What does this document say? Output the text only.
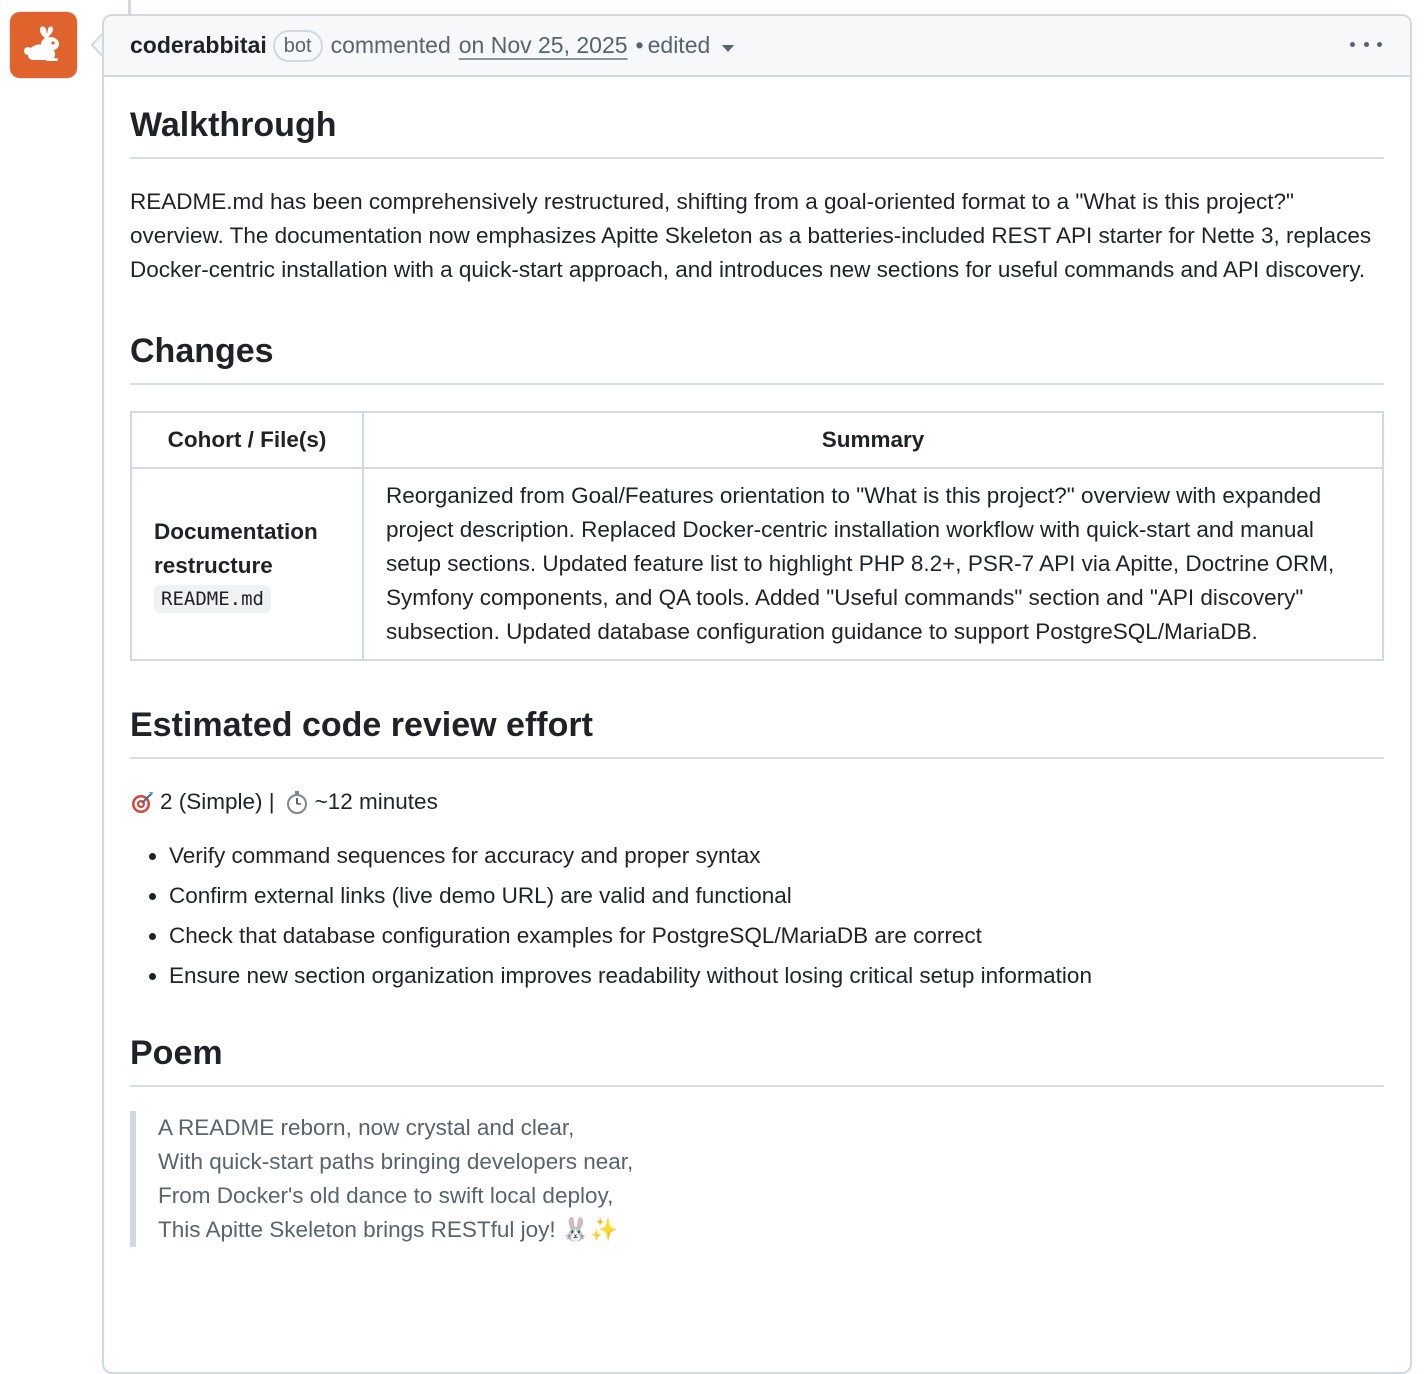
coderabbitai bot commented on Nov 25, 2025 • edited
Walkthrough

README.md has been comprehensively restructured, shifting from a goal-oriented format to a "What is this project?" overview. The documentation now emphasizes Apitte Skeleton as a batteries-included REST API starter for Nette 3, replaces Docker-centric installation with a quick-start approach, and introduces new sections for useful commands and API discovery.

Changes
Cohort / File(s)	Summary

Documentation restructure
README.md	Reorganized from Goal/Features orientation to "What is this project?" overview with expanded project description. Replaced Docker-centric installation workflow with quick-start and manual setup sections. Updated feature list to highlight PHP 8.2+, PSR-7 API via Apitte, Doctrine ORM, Symfony components, and QA tools. Added "Useful commands" section and "API discovery" subsection. Updated database configuration guidance to support PostgreSQL/MariaDB.
Estimated code review effort
2 (Simple) | ~12 minutes
• Verify command sequences for accuracy and proper syntax
• Confirm external links (live demo URL) are valid and functional
• Check that database configuration examples for PostgreSQL/MariaDB are correct
• Ensure new section organization improves readability without losing critical setup information
Poem

A README reborn, now crystal and clear,

With quick-start paths bringing developers near,

From Docker's old dance to swift local deploy,

This Apitte Skeleton brings RESTful joy! 🐰✨
